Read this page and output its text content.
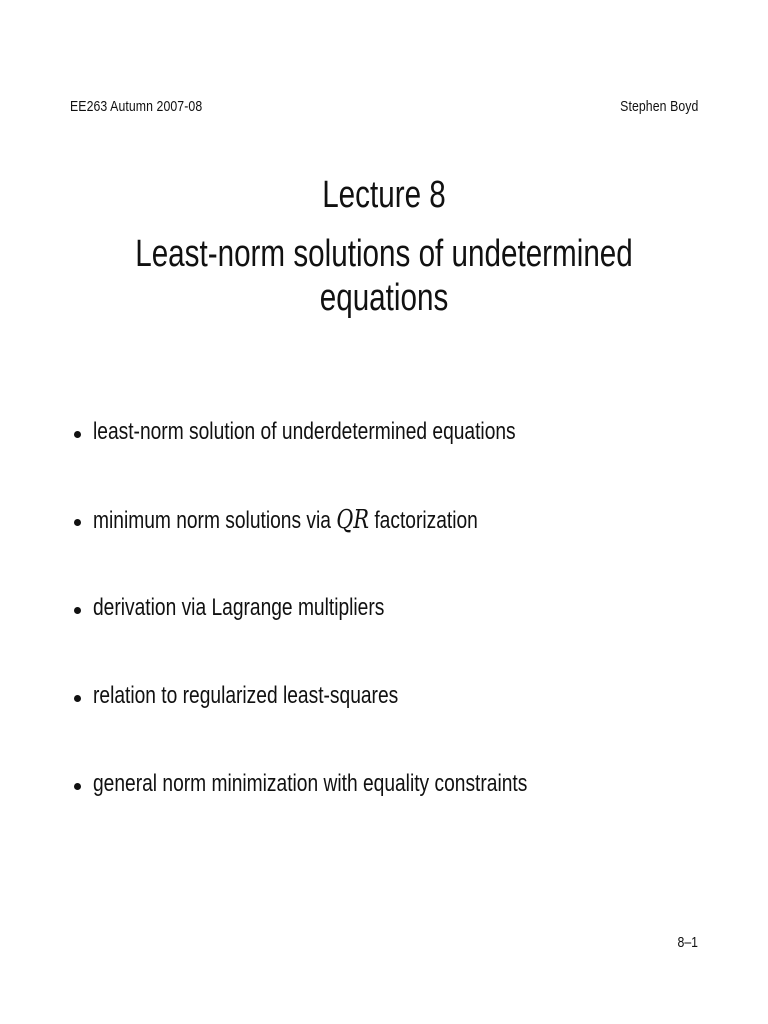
EE263 Autumn 2007-08	Stephen Boyd
Lecture 8
Least-norm solutions of undetermined
equations
least-norm solution of underdetermined equations
minimum norm solutions via QR factorization
derivation via Lagrange multipliers
relation to regularized least-squares
general norm minimization with equality constraints
8–1
